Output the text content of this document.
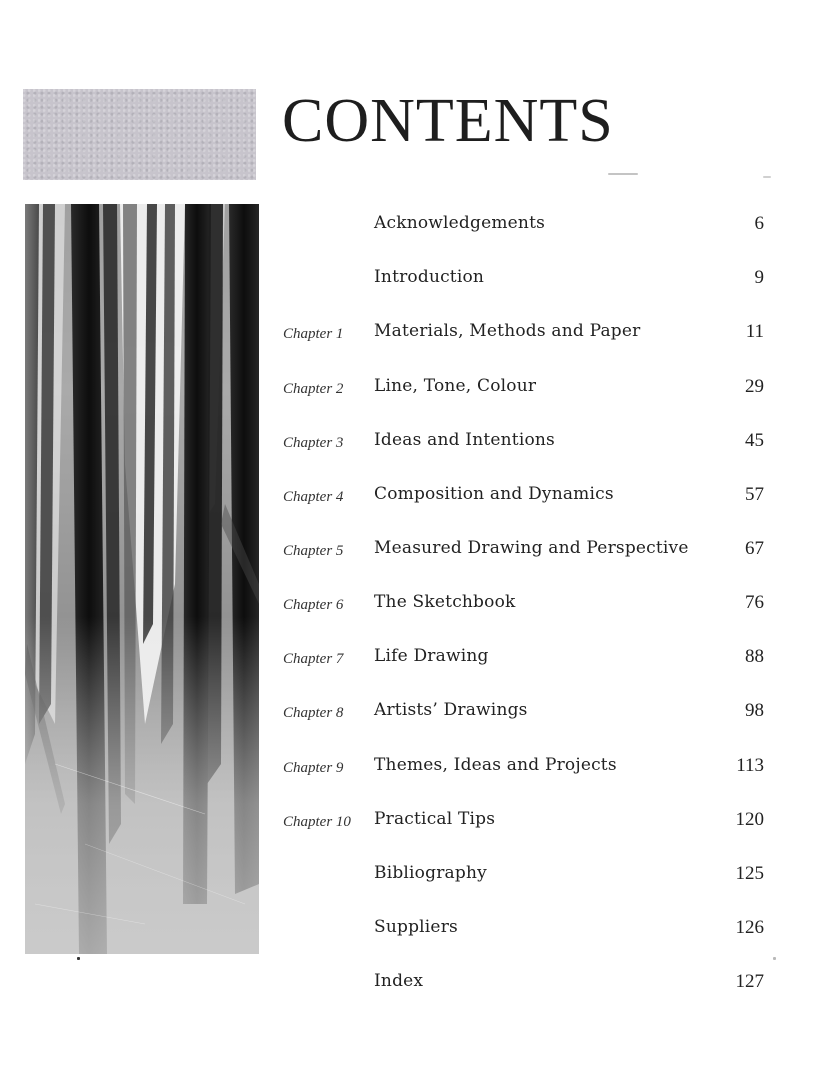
CONTENTS
Acknowledgements	6
Introduction	9
Chapter 1 Materials, Methods and Paper	11
Chapter 2 Line, Tone, Colour	29
Chapter 3 Ideas and Intentions	45
Chapter 4 Composition and Dynamics	57
Chapter 5 Measured Drawing and Perspective	67
Chapter 6 The Sketchbook	76
Chapter 7 Life Drawing	88
Chapter 8 Artists’ Drawings	98
Chapter 9 Themes, Ideas and Projects	113
Chapter 10 Practical Tips	120
Bibliography	125
Suppliers	126
Index	127
